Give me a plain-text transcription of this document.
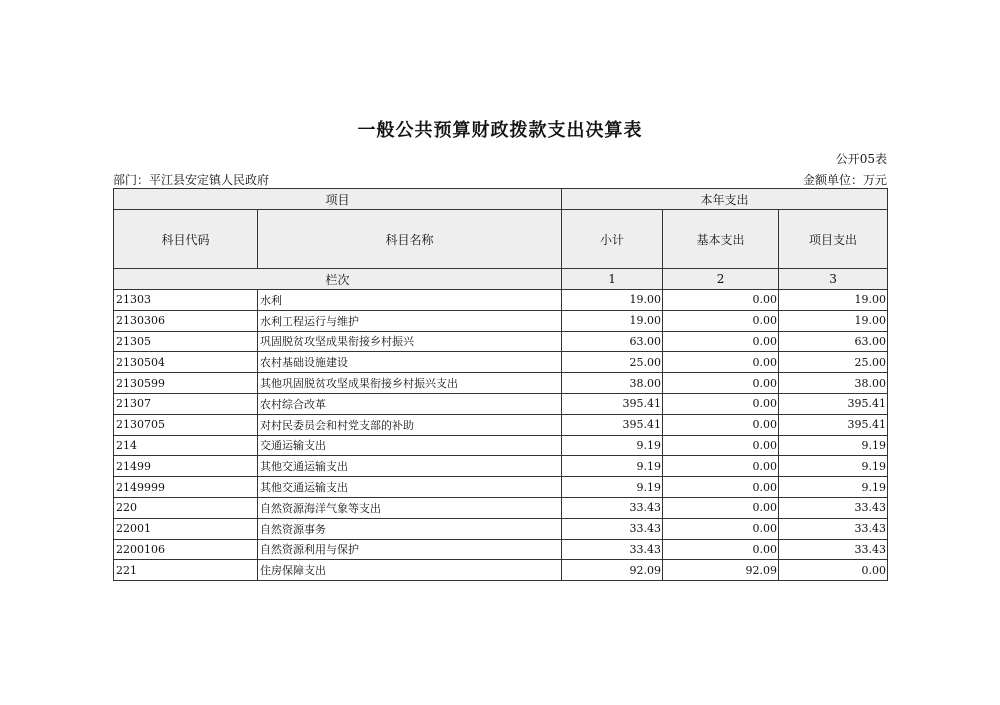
一般公共预算财政拨款支出决算表
公开05表
部门：平江县安定镇人民政府	金额单位：万元
项目		本年支出		
科目代码	科目名称	小计	基本支出	项目支出
栏次		1	2	3
21303	水利	19.00	0.00	19.00
2130306	水利工程运行与维护	19.00	0.00	19.00
21305	巩固脱贫攻坚成果衔接乡村振兴	63.00	0.00	63.00
2130504	农村基础设施建设	25.00	0.00	25.00
2130599	其他巩固脱贫攻坚成果衔接乡村振兴支出	38.00	0.00	38.00
21307	农村综合改革	395.41	0.00	395.41
2130705	对村民委员会和村党支部的补助	395.41	0.00	395.41
214	交通运输支出	9.19	0.00	9.19
21499	其他交通运输支出	9.19	0.00	9.19
2149999	其他交通运输支出	9.19	0.00	9.19
220	自然资源海洋气象等支出	33.43	0.00	33.43
22001	自然资源事务	33.43	0.00	33.43
2200106	自然资源利用与保护	33.43	0.00	33.43
221	住房保障支出	92.09	92.09	0.00
